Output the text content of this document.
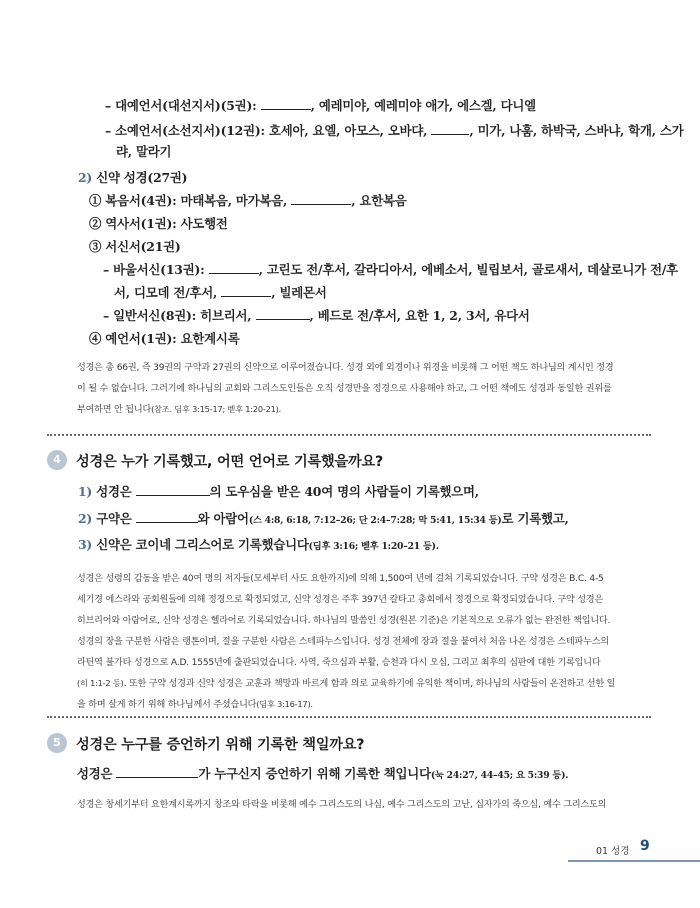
– 대예언서(대선지서)(5권):	, 예레미야, 예레미야 애가, 에스겔, 다니엘
– 소예언서(소선지서)(12권): 호세아, 요엘, 아모스, 오바댜,	, 미가, 나훔, 하박국, 스바냐, 학개, 스가
랴, 말라기
2) 신약 성경(27권)
① 복음서(4권): 마태복음, 마가복음,	, 요한복음
② 역사서(1권): 사도행전
③ 서신서(21권)
– 바울서신(13권):	, 고린도 전/후서, 갈라디아서, 에베소서, 빌립보서, 골로새서, 데살로니가 전/후
서, 디모데 전/후서,	, 빌레몬서
– 일반서신(8권): 히브리서,	, 베드로 전/후서, 요한 1, 2, 3서, 유다서
④ 예언서(1권): 요한계시록
성경은 총 66권, 즉 39권의 구약과 27권의 신약으로 이루어졌습니다. 성경 외에 외경이나 위경을 비롯해 그 어떤 책도 하나님의 계시인 정경
이 될 수 없습니다. 그러기에 하나님의 교회와 그리스도인들은 오직 성경만을 정경으로 사용해야 하고, 그 어떤 책에도 성경과 동일한 권위를
부여하면 안 됩니다(참조. 딤후 3:15-17; 벧후 1:20-21).
4	성경은 누가 기록했고, 어떤 언어로 기록했을까요?
1) 성경은	의 도우심을 받은 40여 명의 사람들이 기록했으며,
2) 구약은	와 아람어(스 4:8, 6:18, 7:12–26; 단 2:4–7:28; 막 5:41, 15:34 등)로 기록했고,
3) 신약은 코이네 그리스어로 기록했습니다(딤후 3:16; 벧후 1:20–21 등).
성경은 성령의 감동을 받은 40여 명의 저자들(모세부터 사도 요한까지)에 의해 1,500여 년에 걸쳐 기록되었습니다. 구약 성경은 B.C. 4-5
세기경 에스라와 공회원들에 의해 정경으로 확정되었고, 신약 성경은 주후 397년 칼타고 총회에서 정경으로 확정되었습니다. 구약 성경은
히브리어와 아람어로, 신약 성경은 헬라어로 기록되었습니다. 하나님의 말씀인 성경(원본 기준)은 기본적으로 오류가 없는 완전한 책입니다.
성경의 장을 구분한 사람은 랭톤이며, 절을 구분한 사람은 스테파누스입니다. 성경 전체에 장과 절을 붙여서 처음 나온 성경은 스테파누스의
라틴역 불가타 성경으로 A.D. 1555년에 출판되었습니다. 사역, 죽으심과 부활, 승천과 다시 오심, 그리고 최후의 심판에 대한 기록입니다
(히 1:1-2 등). 또한 구약 성경과 신약 성경은 교훈과 책망과 바르게 함과 의로 교육하기에 유익한 책이며, 하나님의 사람들이 온전하고 선한 일
을 하며 살게 하기 위해 하나님께서 주셨습니다(딤후 3:16-17).
5	성경은 누구를 증언하기 위해 기록한 책일까요?
성경은	가 누구신지 증언하기 위해 기록한 책입니다(눅 24:27, 44–45; 요 5:39 등).
성경은 창세기부터 요한계시록까지 창조와 타락을 비롯해 예수 그리스도의 나심, 예수 그리스도의 고난, 십자가의 죽으심, 예수 그리스도의
01 성경 9
